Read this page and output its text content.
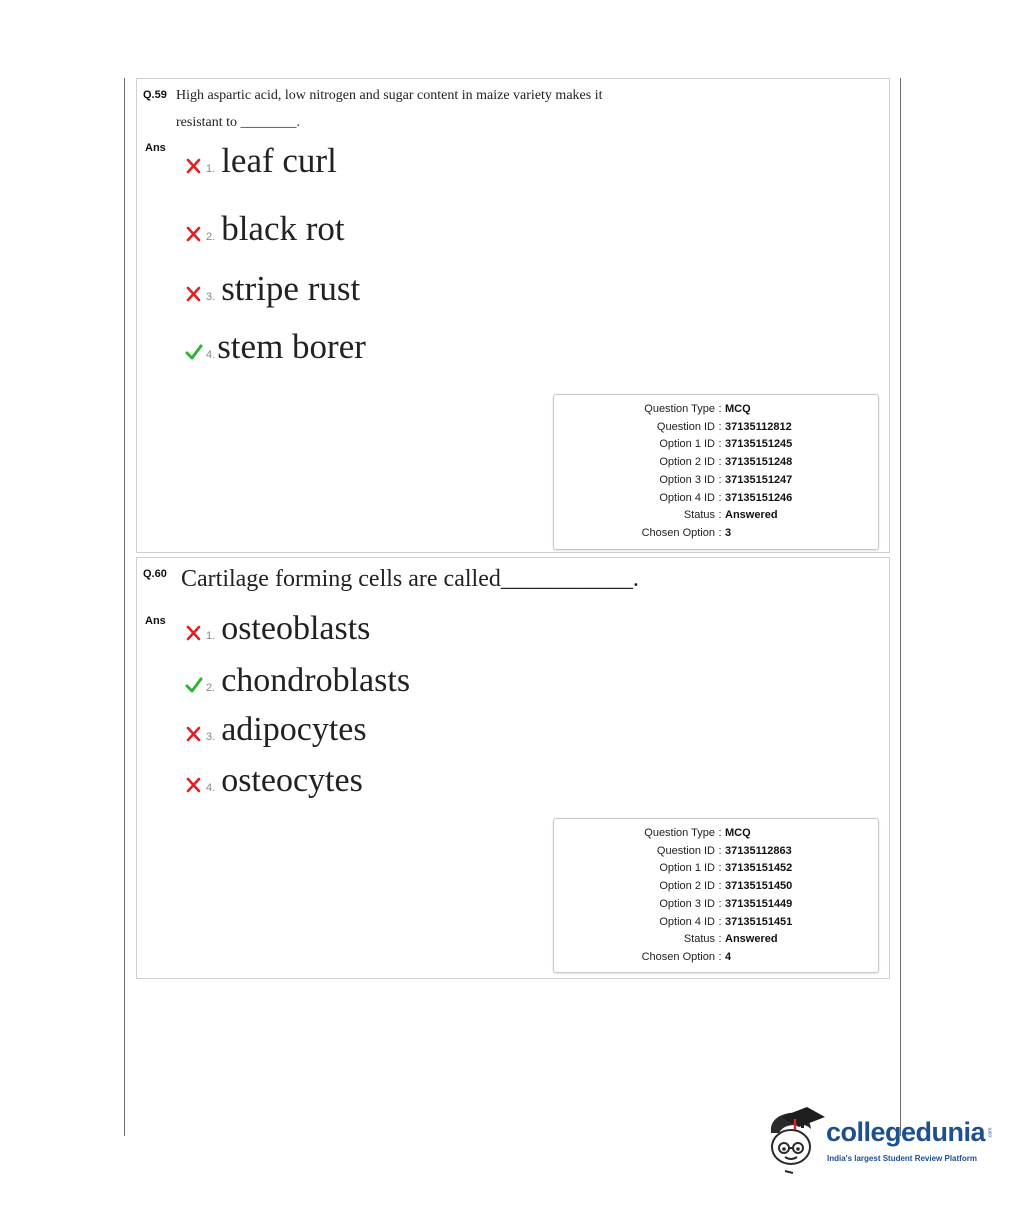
Q.59 High aspartic acid, low nitrogen and sugar content in maize variety makes it
resistant to ________.
Ans
1. leaf curl
2. black rot
3. stripe rust
4. stem borer
Question Type : MCQ
Question ID : 37135112812
Option 1 ID : 37135151245
Option 2 ID : 37135151248
Option 3 ID : 37135151247
Option 4 ID : 37135151246
Status : Answered
Chosen Option : 3
Q.60 Cartilage forming cells are called___________.
Ans
1. osteoblasts
2. chondroblasts
3. adipocytes
4. osteocytes
Question Type : MCQ
Question ID : 37135112863
Option 1 ID : 37135151452
Option 2 ID : 37135151450
Option 3 ID : 37135151449
Option 4 ID : 37135151451
Status : Answered
Chosen Option : 4
collegedunia .com
India's largest Student Review Platform
